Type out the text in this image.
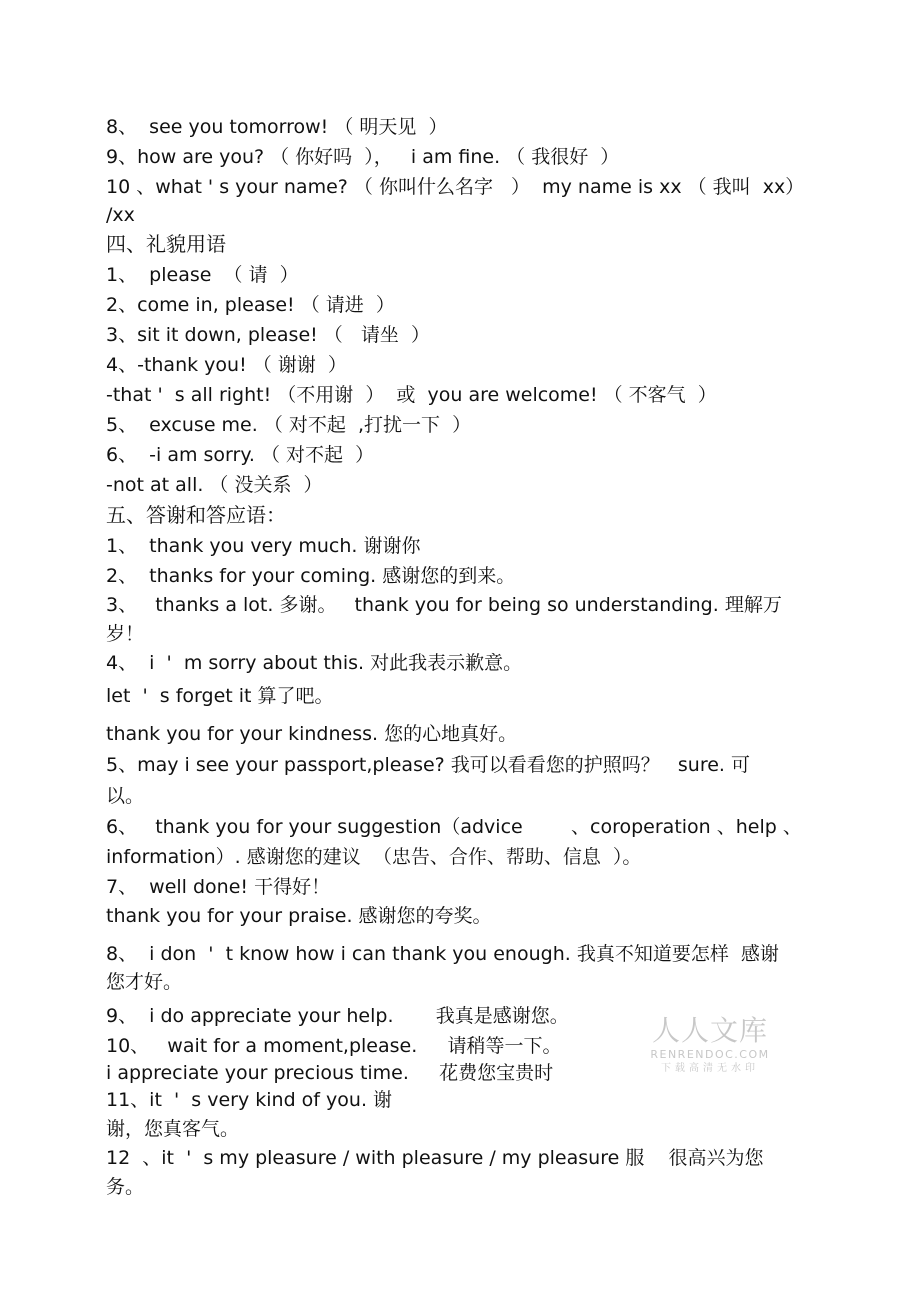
8、  see you tomorrow! （ 明天见  ）
9、how are you? （ 你好吗  ），   i am fine. （ 我很好  ）
10 、what ' s your name? （ 你叫什么名字   ）  my name is xx （ 我叫  xx）
/xx
四、礼貌用语
1、  please  （ 请  ）
2、come in, please! （ 请进  ）
3、sit it down, please! （   请坐  ）
4、-thank you! （ 谢谢  ）
-that '  s all right! （不用谢  ）  或  you are welcome! （ 不客气  ）
5、  excuse me. （ 对不起  ,打扰一下  ）
6、  -i am sorry. （ 对不起  ）
-not at all. （ 没关系  ）
五、答谢和答应语：
1、  thank you very much. 谢谢你
2、  thanks for your coming. 感谢您的到来。
3、   thanks a lot. 多谢。   thank you for being so understanding. 理解万
岁！
4、  i  '  m sorry about this. 对此我表示歉意。
let  '  s forget it 算了吧。
thank you for your kindness. 您的心地真好。
5、may i see your passport,please? 我可以看看您的护照吗？   sure. 可
以。
6、   thank you for your suggestion（advice        、coroperation 、help 、
information）. 感谢您的建议  （忠告、合作、帮助、信息  ）。
7、  well done! 干得好！
thank you for your praise. 感谢您的夸奖。
8、  i don  '  t know how i can thank you enough. 我真不知道要怎样  感谢
您才好。
9、  i do appreciate your help.       我真是感谢您。
10、   wait for a moment,please.     请稍等一下。
i appreciate your precious time.     花费您宝贵时
11、it  '  s very kind of you. 谢
谢，您真客气。
12  、it  '  s my pleasure / with pleasure / my pleasure 服    很高兴为您
务。
人人文库
RENRENDOC.COM
下载高清无水印
